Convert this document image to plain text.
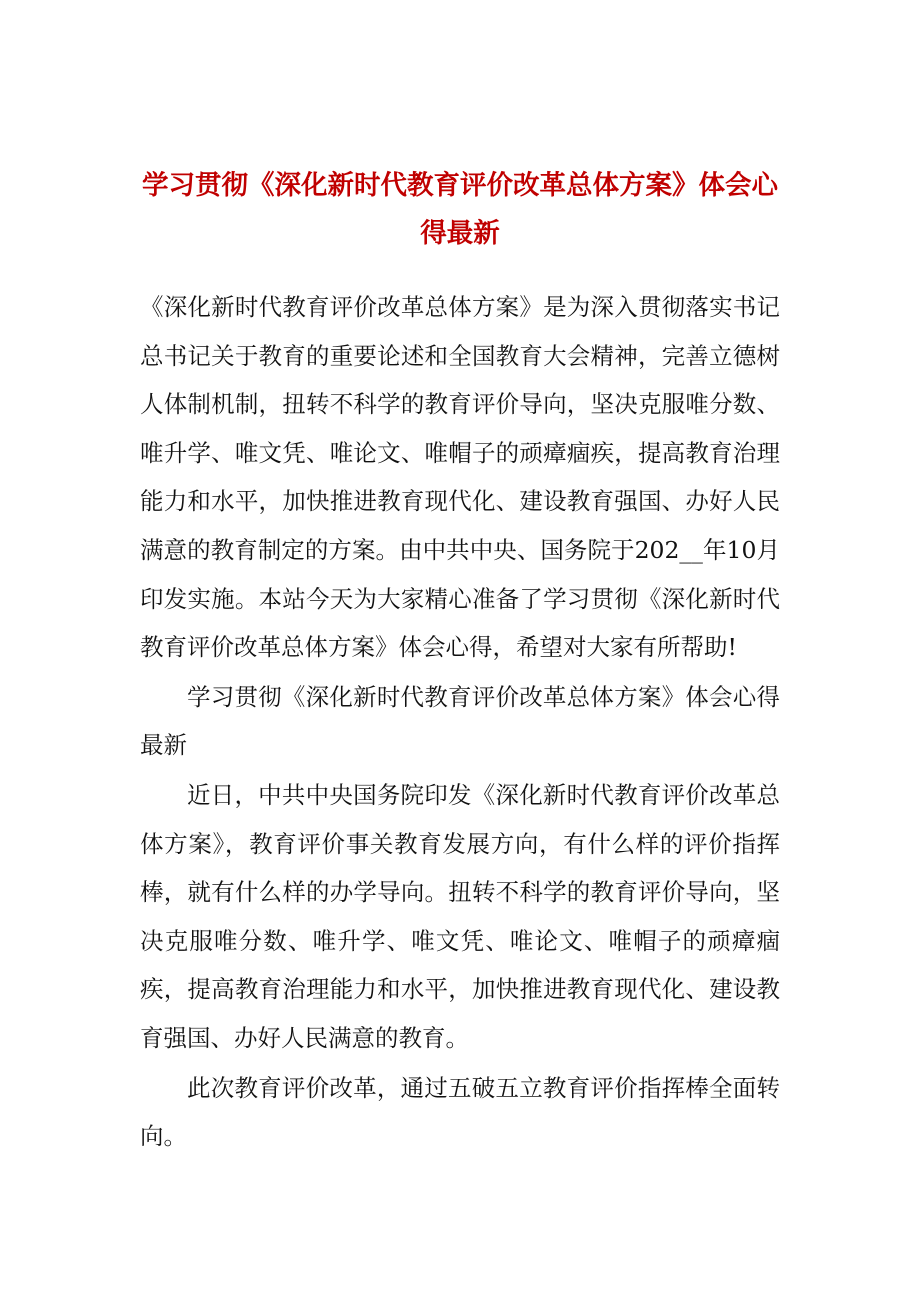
学习贯彻《深化新时代教育评价改革总体方案》体会心得最新

《深化新时代教育评价改革总体方案》是为深入贯彻落实书记总书记关于教育的重要论述和全国教育大会精神，完善立德树人体制机制，扭转不科学的教育评价导向，坚决克服唯分数、唯升学、唯文凭、唯论文、唯帽子的顽瘴痼疾，提高教育治理能力和水平，加快推进教育现代化、建设教育强国、办好人民满意的教育制定的方案。由中共中央、国务院于202__年10月印发实施。本站今天为大家精心准备了学习贯彻《深化新时代教育评价改革总体方案》体会心得，希望对大家有所帮助!

学习贯彻《深化新时代教育评价改革总体方案》体会心得最新

近日，中共中央国务院印发《深化新时代教育评价改革总体方案》，教育评价事关教育发展方向，有什么样的评价指挥棒，就有什么样的办学导向。扭转不科学的教育评价导向，坚决克服唯分数、唯升学、唯文凭、唯论文、唯帽子的顽瘴痼疾，提高教育治理能力和水平，加快推进教育现代化、建设教育强国、办好人民满意的教育。

此次教育评价改革，通过五破五立教育评价指挥棒全面转向。
